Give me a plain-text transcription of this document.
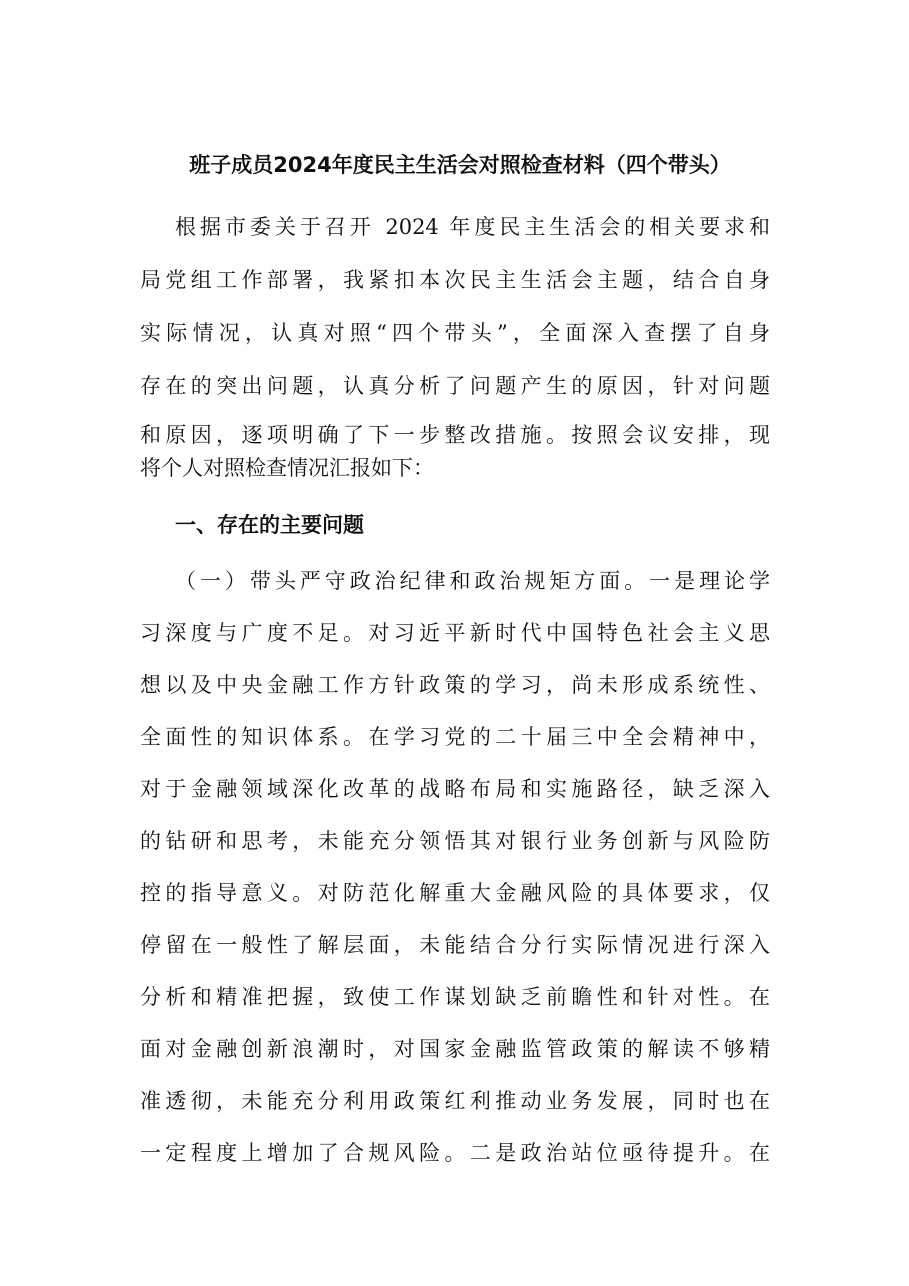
班子成员2024年度民主生活会对照检查材料（四个带头）
根据市委关于召开 2024 年度民主生活会的相关要求和
局党组工作部署，我紧扣本次民主生活会主题，结合自身
实际情况，认真对照“四个带头”，全面深入查摆了自身
存在的突出问题，认真分析了问题产生的原因，针对问题
和原因，逐项明确了下一步整改措施。按照会议安排，现
将个人对照检查情况汇报如下：
一、存在的主要问题
（一）带头严守政治纪律和政治规矩方面。一是理论学
习深度与广度不足。对习近平新时代中国特色社会主义思
想以及中央金融工作方针政策的学习，尚未形成系统性、
全面性的知识体系。在学习党的二十届三中全会精神中，
对于金融领域深化改革的战略布局和实施路径，缺乏深入
的钻研和思考，未能充分领悟其对银行业务创新与风险防
控的指导意义。对防范化解重大金融风险的具体要求，仅
停留在一般性了解层面，未能结合分行实际情况进行深入
分析和精准把握，致使工作谋划缺乏前瞻性和针对性。在
面对金融创新浪潮时，对国家金融监管政策的解读不够精
准透彻，未能充分利用政策红利推动业务发展，同时也在
一定程度上增加了合规风险。二是政治站位亟待提升。在
